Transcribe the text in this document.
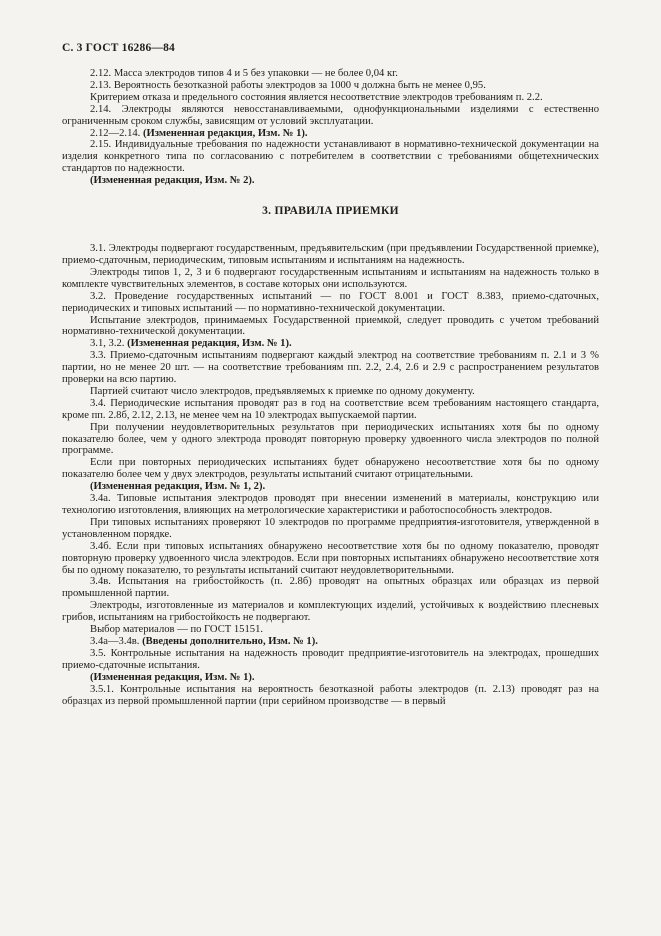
С. 3 ГОСТ 16286—84

2.12. Масса электродов типов 4 и 5 без упаковки — не более 0,04 кг.

2.13. Вероятность безотказной работы электродов за 1000 ч должна быть не менее 0,95.

Критерием отказа и предельного состояния является несоответствие электродов требованиям п. 2.2.

2.14. Электроды являются невосстанавливаемыми, однофункциональными изделиями с естественно ограниченным сроком службы, зависящим от условий эксплуатации.

2.12—2.14. (Измененная редакция, Изм. № 1).

2.15. Индивидуальные требования по надежности устанавливают в нормативно-технической документации на изделия конкретного типа по согласованию с потребителем в соответствии с требованиями общетехнических стандартов по надежности.

(Измененная редакция, Изм. № 2).

3. ПРАВИЛА ПРИЕМКИ

3.1. Электроды подвергают государственным, предъявительским (при предъявлении Государственной приемке), приемо-сдаточным, периодическим, типовым испытаниям и испытаниям на надежность.

Электроды типов 1, 2, 3 и 6 подвергают государственным испытаниям и испытаниям на надежность только в комплекте чувствительных элементов, в составе которых они используются.

3.2. Проведение государственных испытаний — по ГОСТ 8.001 и ГОСТ 8.383, приемо-сдаточных, периодических и типовых испытаний — по нормативно-технической документации.

Испытание электродов, принимаемых Государственной приемкой, следует проводить с учетом требований нормативно-технической документации.

3.1, 3.2. (Измененная редакция, Изм. № 1).

3.3. Приемо-сдаточным испытаниям подвергают каждый электрод на соответствие требованиям п. 2.1 и 3 % партии, но не менее 20 шт. — на соответствие требованиям пп. 2.2, 2.4, 2.6 и 2.9 с распространением результатов проверки на всю партию.

Партией считают число электродов, предъявляемых к приемке по одному документу.

3.4. Периодические испытания проводят раз в год на соответствие всем требованиям настоящего стандарта, кроме пп. 2.8б, 2.12, 2.13, не менее чем на 10 электродах выпускаемой партии.

При получении неудовлетворительных результатов при периодических испытаниях хотя бы по одному показателю более, чем у одного электрода проводят повторную проверку удвоенного числа электродов по полной программе.

Если при повторных периодических испытаниях будет обнаружено несоответствие хотя бы по одному показателю более чем у двух электродов, результаты испытаний считают отрицательными.

(Измененная редакция, Изм. № 1, 2).

3.4а. Типовые испытания электродов проводят при внесении изменений в материалы, конструкцию или технологию изготовления, влияющих на метрологические характеристики и работоспособность электродов.

При типовых испытаниях проверяют 10 электродов по программе предприятия-изготовителя, утвержденной в установленном порядке.

3.4б. Если при типовых испытаниях обнаружено несоответствие хотя бы по одному показателю, проводят повторную проверку удвоенного числа электродов. Если при повторных испытаниях обнаружено несоответствие хотя бы по одному показателю, то результаты испытаний считают неудовлетворительными.

3.4в. Испытания на грибостойкость (п. 2.8б) проводят на опытных образцах или образцах из первой промышленной партии.

Электроды, изготовленные из материалов и комплектующих изделий, устойчивых к воздействию плесневых грибов, испытаниям на грибостойкость не подвергают.

Выбор материалов — по ГОСТ 15151.

3.4а—3.4в. (Введены дополнительно, Изм. № 1).

3.5. Контрольные испытания на надежность проводит предприятие-изготовитель на электродах, прошедших приемо-сдаточные испытания.

(Измененная редакция, Изм. № 1).

3.5.1. Контрольные испытания на вероятность безотказной работы электродов (п. 2.13) проводят раз на образцах из первой промышленной партии (при серийном производстве — в первый
